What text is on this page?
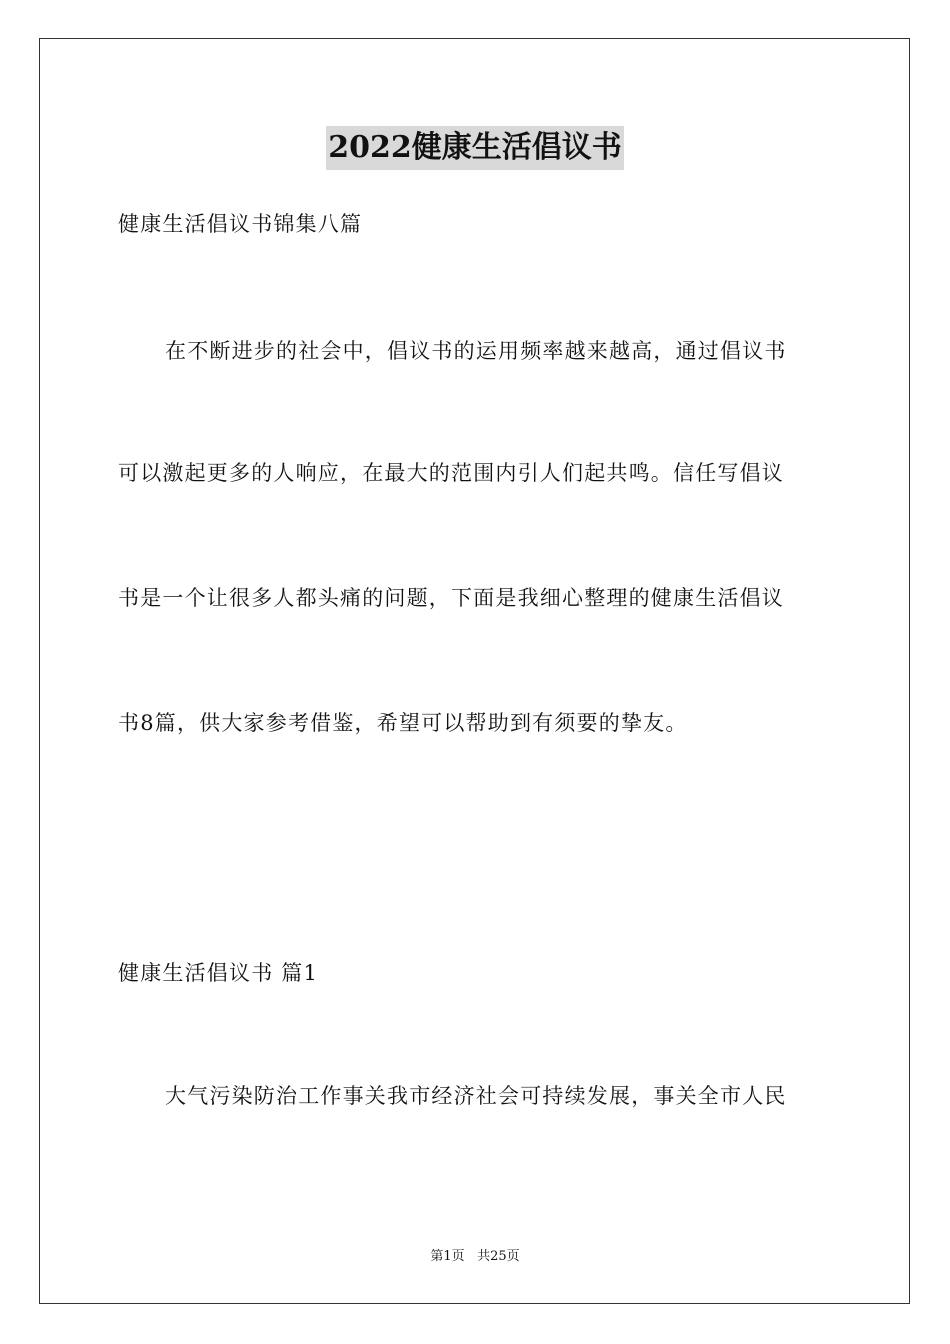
2022健康生活倡议书
健康生活倡议书锦集八篇
在不断进步的社会中，倡议书的运用频率越来越高，通过倡议书
可以激起更多的人响应，在最大的范围内引人们起共鸣。信任写倡议
书是一个让很多人都头痛的问题，下面是我细心整理的健康生活倡议
书8篇，供大家参考借鉴，希望可以帮助到有须要的挚友。
健康生活倡议书 篇1
大气污染防治工作事关我市经济社会可持续发展，事关全市人民
第1页 共25页
